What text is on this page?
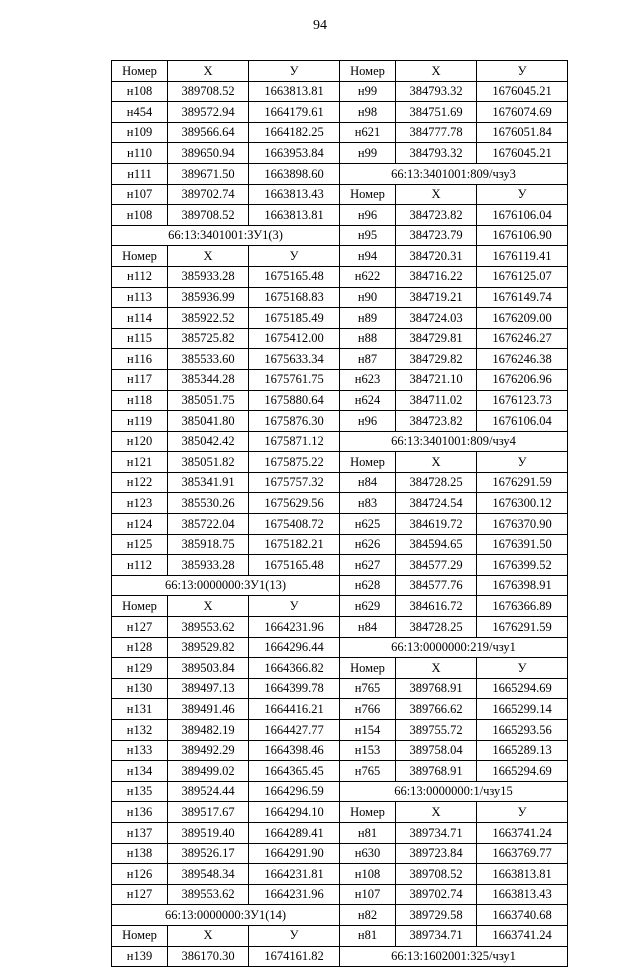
94
Номер	X	У	Номер	X	У
н108	389708.52	1663813.81	н99	384793.32	1676045.21
н454	389572.94	1664179.61	н98	384751.69	1676074.69
н109	389566.64	1664182.25	н621	384777.78	1676051.84
н110	389650.94	1663953.84	н99	384793.32	1676045.21
н111	389671.50	1663898.60	66:13:3401001:809/чзу3		
н107	389702.74	1663813.43	Номер	X	У
н108	389708.52	1663813.81	н96	384723.82	1676106.04
66:13:3401001:ЗУ1(3)			н95	384723.79	1676106.90
Номер	X	У	н94	384720.31	1676119.41
н112	385933.28	1675165.48	н622	384716.22	1676125.07
н113	385936.99	1675168.83	н90	384719.21	1676149.74
н114	385922.52	1675185.49	н89	384724.03	1676209.00
н115	385725.82	1675412.00	н88	384729.81	1676246.27
н116	385533.60	1675633.34	н87	384729.82	1676246.38
н117	385344.28	1675761.75	н623	384721.10	1676206.96
н118	385051.75	1675880.64	н624	384711.02	1676123.73
н119	385041.80	1675876.30	н96	384723.82	1676106.04
н120	385042.42	1675871.12	66:13:3401001:809/чзу4		
н121	385051.82	1675875.22	Номер	X	У
н122	385341.91	1675757.32	н84	384728.25	1676291.59
н123	385530.26	1675629.56	н83	384724.54	1676300.12
н124	385722.04	1675408.72	н625	384619.72	1676370.90
н125	385918.75	1675182.21	н626	384594.65	1676391.50
н112	385933.28	1675165.48	н627	384577.29	1676399.52
66:13:0000000:ЗУ1(13)			н628	384577.76	1676398.91
Номер	X	У	н629	384616.72	1676366.89
н127	389553.62	1664231.96	н84	384728.25	1676291.59
н128	389529.82	1664296.44	66:13:0000000:219/чзу1		
н129	389503.84	1664366.82	Номер	X	У
н130	389497.13	1664399.78	н765	389768.91	1665294.69
н131	389491.46	1664416.21	н766	389766.62	1665299.14
н132	389482.19	1664427.77	н154	389755.72	1665293.56
н133	389492.29	1664398.46	н153	389758.04	1665289.13
н134	389499.02	1664365.45	н765	389768.91	1665294.69
н135	389524.44	1664296.59	66:13:0000000:1/чзу15		
н136	389517.67	1664294.10	Номер	X	У
н137	389519.40	1664289.41	н81	389734.71	1663741.24
н138	389526.17	1664291.90	н630	389723.84	1663769.77
н126	389548.34	1664231.81	н108	389708.52	1663813.81
н127	389553.62	1664231.96	н107	389702.74	1663813.43
66:13:0000000:ЗУ1(14)			н82	389729.58	1663740.68
Номер	X	У	н81	389734.71	1663741.24
н139	386170.30	1674161.82	66:13:1602001:325/чзу1		
